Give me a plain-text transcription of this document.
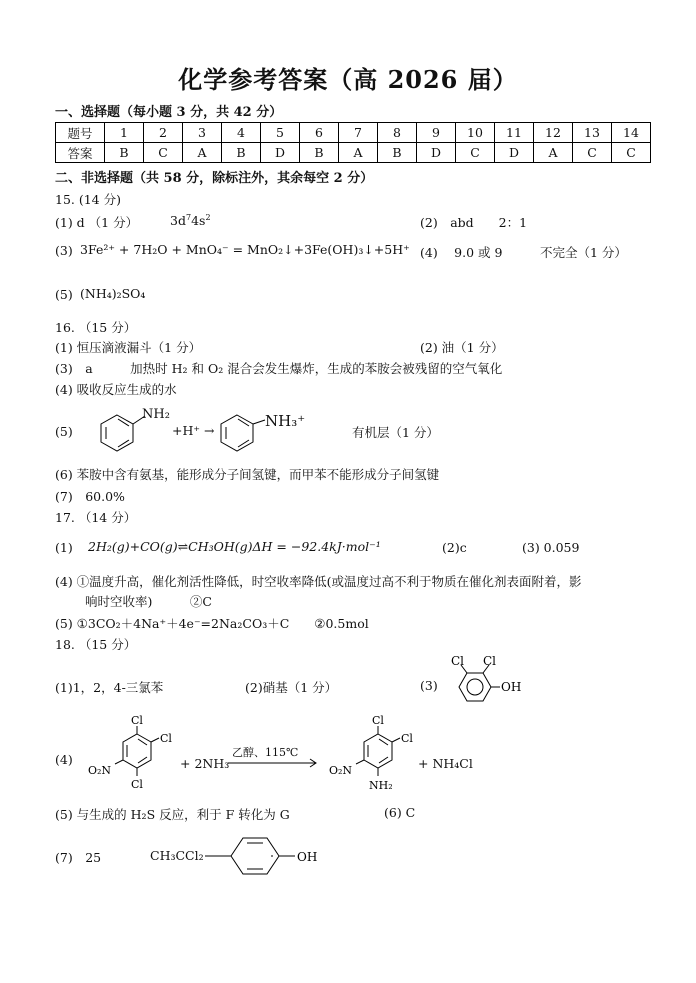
化学参考答案（高 2026 届）
一、选择题（每小题 3 分，共 42 分）
题号	1	2	3	4	5	6	7	8	9	10	11	12	13	14
答案	B	C	A	B	D	B	A	B	D	C	D	A	C	C
二、非选择题（共 58 分，除标注外，其余每空 2 分）
15. (14 分)
(1) d （1 分）	$3d^74s^2$	(2)　abd　　2：1
(3) 3Fe²⁺ + 7H₂O + MnO₄⁻ = MnO₂↓+3Fe(OH)₃↓+5H⁺ (4)　 9.0 或 9　　　不完全（1 分）
(5) (NH₄)₂SO₄
16. （15 分）
(1) 恒压滴液漏斗（1 分）	(2) 油（1 分）
(3)　a　　　加热时 H₂ 和 O₂ 混合会发生爆炸，生成的苯胺会被残留的空气氧化
(4) 吸收反应生成的水
(5)
NH₂
+H⁺ →
NH₃⁺
有机层（1 分）
(6) 苯胺中含有氨基，能形成分子间氢键，而甲苯不能形成分子间氢键
(7)　60.0%
17. （14 分）
(1) 2H₂(g)+CO(g)⇌CH₃OH(g)ΔH = −92.4kJ·mol⁻¹	(2)c	(3) 0.059
(4) ①温度升高，催化剂活性降低，时空收率降低(或温度过高不利于物质在催化剂表面附着，影
响时空收率)　　　②C
(5) ①3CO₂＋4Na⁺＋4e⁻=2Na₂CO₃＋C　　②0.5mol
18. （15 分）
(1)1，2，4-三氯苯	(2)硝基（1 分）	(3)
Cl Cl
OH
(4)
Cl
Cl
O₂N
Cl
+ 2NH₃
乙醇、115℃
Cl
Cl
O₂N
NH₂
+ NH₄Cl
(5) 与生成的 H₂S 反应，利于 F 转化为 G	(6) C
(7)　25	CH₃CCl₂	OH
